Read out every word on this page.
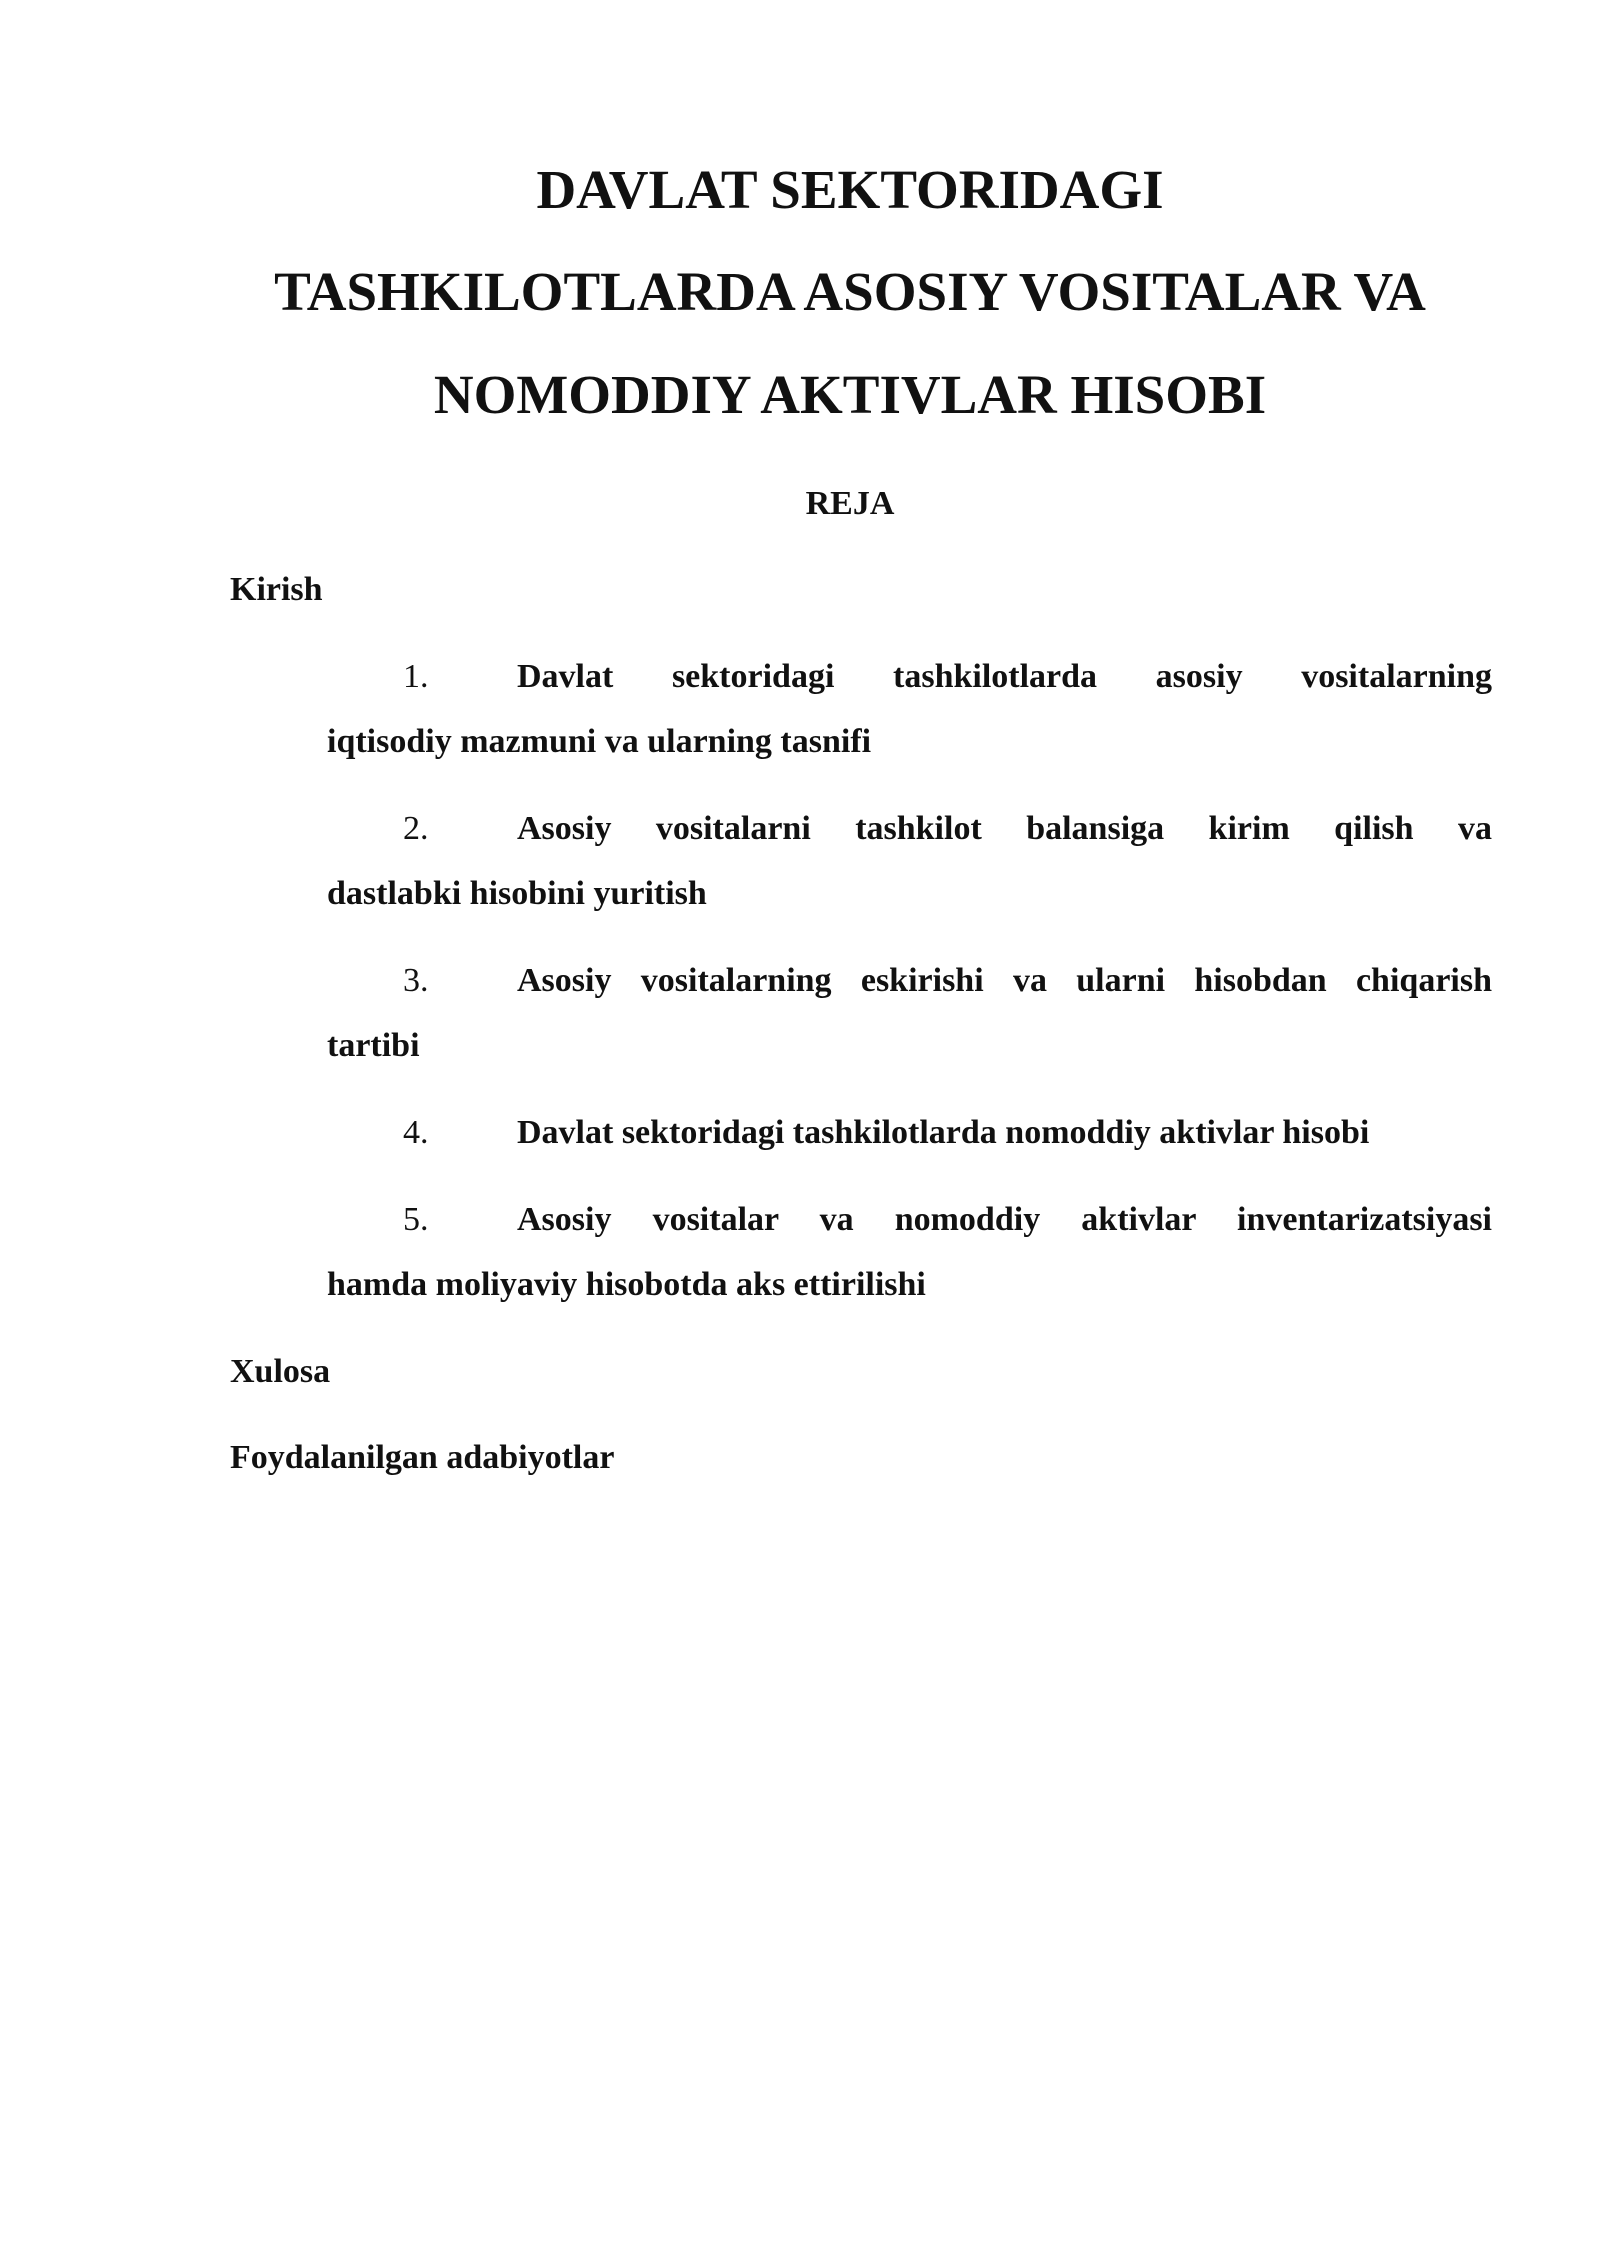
DAVLAT SEKTORIDAGI
TASHKILOTLARDA ASOSIY VOSITALAR VA
NOMODDIY AKTIVLAR HISOBI
REJA
Kirish
1.	Davlat sektoridagi tashkilotlarda asosiy vositalarning
iqtisodiy mazmuni va ularning tasnifi
2.	Asosiy vositalarni tashkilot balansiga kirim qilish va
dastlabki hisobini yuritish
3.	Asosiy vositalarning eskirishi va ularni hisobdan chiqarish
tartibi
4.	Davlat sektoridagi tashkilotlarda nomoddiy aktivlar hisobi
5.	Asosiy vositalar va nomoddiy aktivlar inventarizatsiyasi
hamda moliyaviy hisobotda aks ettirilishi
Xulosa
Foydalanilgan adabiyotlar
